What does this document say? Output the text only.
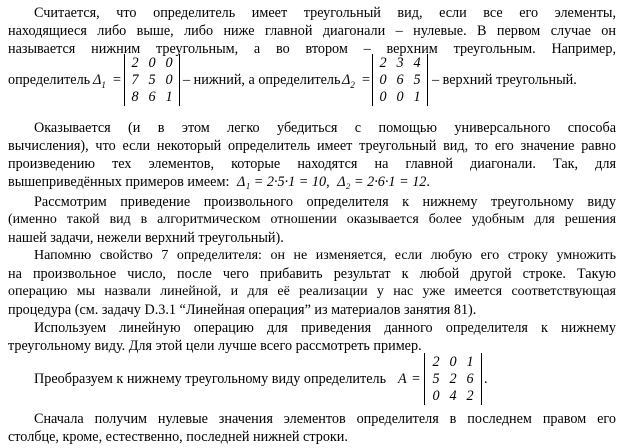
Считается, что определитель имеет треугольный вид, если все его элементы,
находящиеся либо выше, либо ниже главной диагонали – нулевые. В первом случае он
называется нижним треугольным, а во втором – верхним треугольным. Например,
определитель $\Delta_1$ =
2 0 0
7 5 0
8 6 1
– нижний, а определитель $\Delta_2$ =
2 3 4
0 6 5
0 0 1
– верхний треугольный.
Оказывается (и в этом легко убедиться с помощью универсального способа
вычисления), что если некоторый определитель имеет треугольный вид, то его значение равно
произведению тех элементов, которые находятся на главной диагонали. Так, для
вышеприведённых примеров имеем: Δ₁ = 2·5·1 = 10, Δ₂ = 2·6·1 = 12.
Рассмотрим приведение произвольного определителя к нижнему треугольному виду
(именно такой вид в алгоритмическом отношении оказывается более удобным для решения
нашей задачи, нежели верхний треугольный).
Напомню свойство 7 определителя: он не изменяется, если любую его строку умножить
на произвольное число, после чего прибавить результат к любой другой строке. Такую
операцию мы назвали линейной, и для её реализации у нас уже имеется соответствующая
процедура (см. задачу D.3.1 “Линейная операция” из материалов занятия 81).
Используем линейную операцию для приведения данного определителя к нижнему
треугольному виду. Для этой цели лучше всего рассмотреть пример.
Преобразуем к нижнему треугольному виду определитель A =
2 0 1
5 2 6
0 4 2
.
Сначала получим нулевые значения элементов определителя в последнем правом его
столбце, кроме, естественно, последней нижней строки.
